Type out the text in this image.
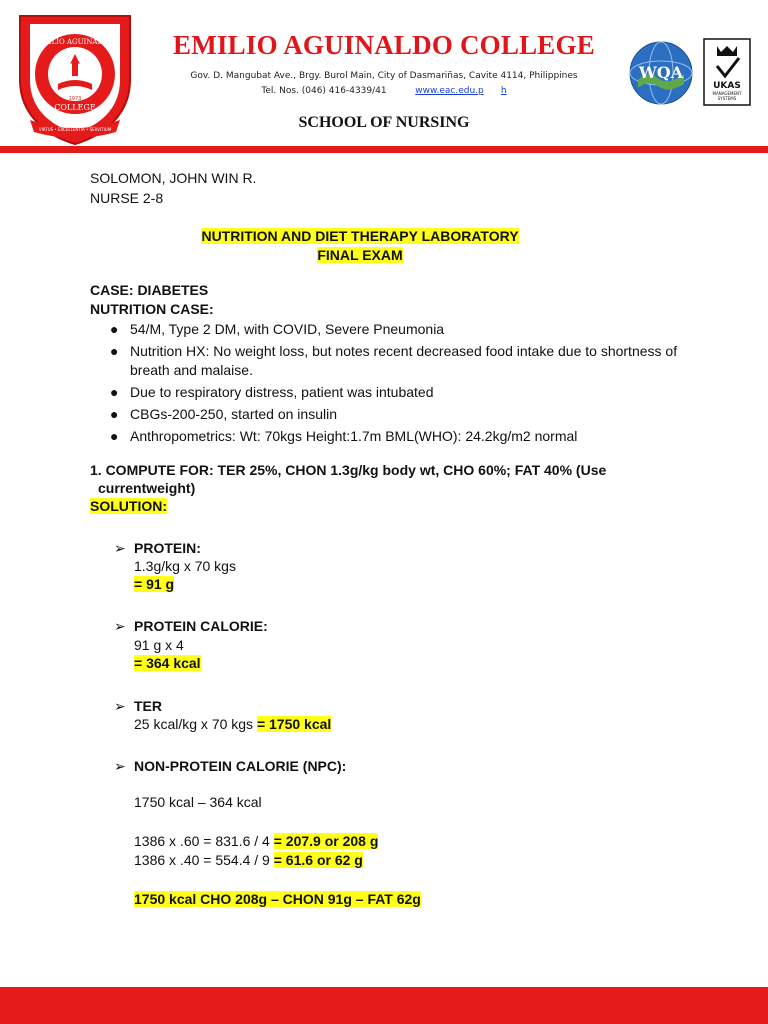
EMILIO AGUINALDO
COLLEGE
1973
VIRTUS • EXCELLENTIA • SERVITIUM
EMILIO AGUINALDO COLLEGE
Gov. D. Mangubat Ave., Brgy. Burol Main, City of Dasmariñas, Cavite 4114, Philippines
Tel. Nos. (046) 416-4339/41	www.eac.edu.p h
SCHOOL OF NURSING
WQA
UKAS
MANAGEMENT
SYSTEMS
SOLOMON, JOHN WIN R.
NURSE 2-8
NUTRITION AND DIET THERAPY LABORATORY
FINAL EXAM
CASE: DIABETES
NUTRITION CASE:
● 54/M, Type 2 DM, with COVID, Severe Pneumonia
● Nutrition HX: No weight loss, but notes recent decreased food intake due to shortness of breath and malaise.
● Due to respiratory distress, patient was intubated
● CBGs-200-250, started on insulin
● Anthropometrics: Wt: 70kgs Height:1.7m BML(WHO): 24.2kg/m2 normal
1. COMPUTE FOR: TER 25%, CHON 1.3g/kg body wt, CHO 60%; FAT 40% (Use
currentweight)
SOLUTION:
➢ PROTEIN:
1.3g/kg x 70 kgs
= 91 g
➢ PROTEIN CALORIE:
91 g x 4
= 364 kcal
➢ TER
25 kcal/kg x 70 kgs = 1750 kcal
➢ NON-PROTEIN CALORIE (NPC):
1750 kcal – 364 kcal
1386 x .60 = 831.6 / 4 = 207.9 or 208 g
1386 x .40 = 554.4 / 9 = 61.6 or 62 g
1750 kcal CHO 208g – CHON 91g – FAT 62g
